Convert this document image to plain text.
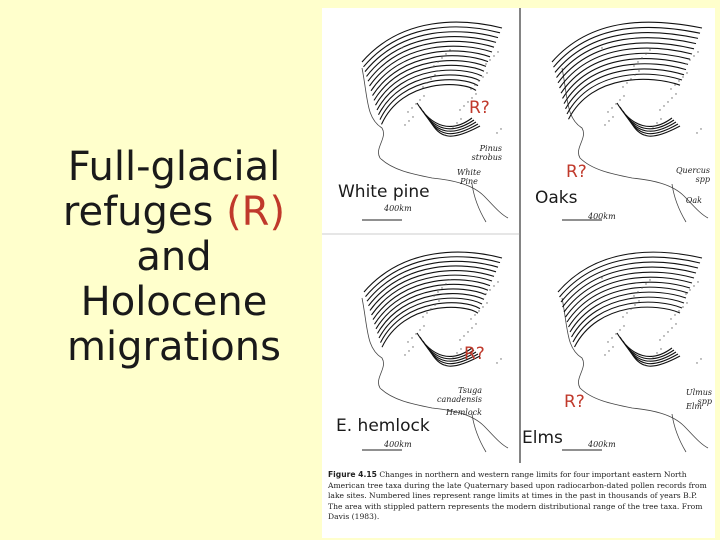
Full-glacial
refuges (R)
and
Holocene
migrations
Pinus
strobus
White Pine
Quercus
spp
Oak
Tsuga
canadensis
Hemlock
Ulmus
spp
Elm
400km
400km
400km	400km
White pine
R?
Oaks
R?
E. hemlock
R?
Elms
R?
Figure 4.15 Changes in northern and western range limits for four important eastern North American tree taxa during the late Quaternary based upon radiocarbon-dated pollen records from lake sites. Numbered lines represent range limits at times in the past in thousands of years B.P. The area with stippled pattern represents the modern distributional range of the tree taxa. From Davis (1983).
